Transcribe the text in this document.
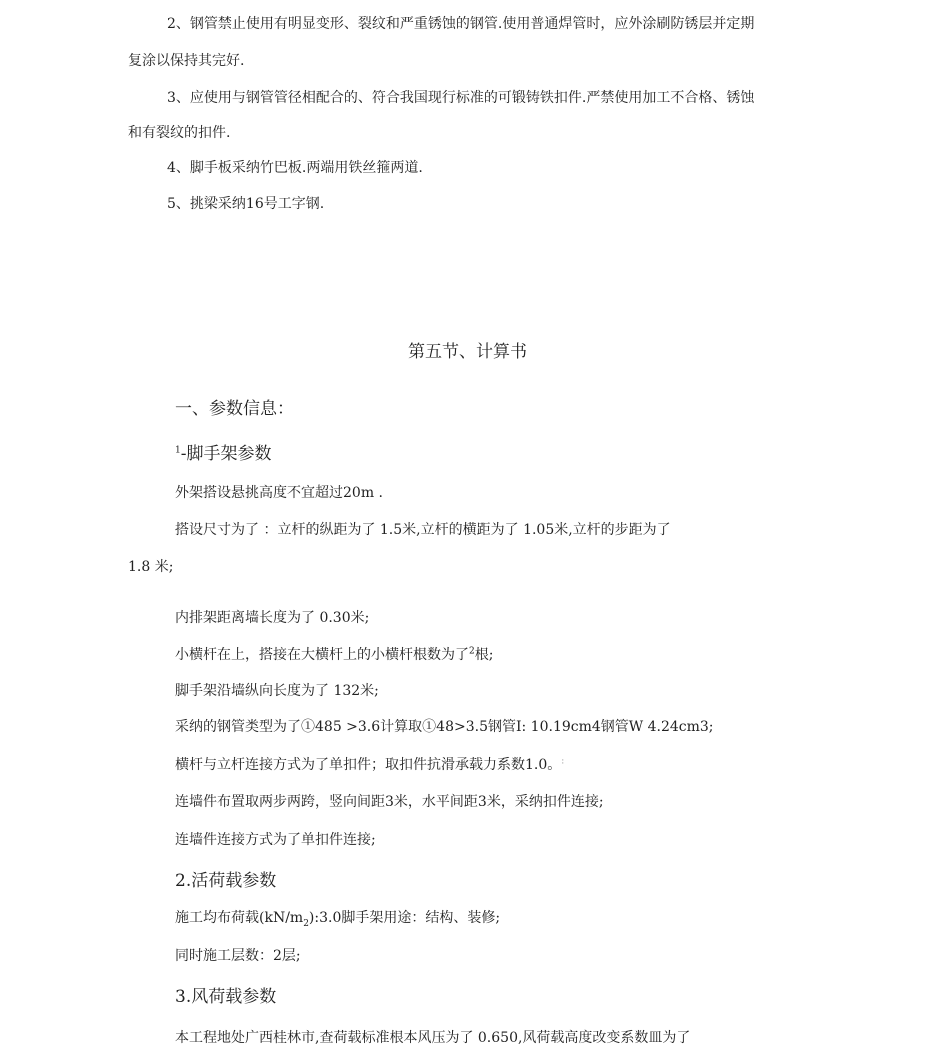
2、钢管禁止使用有明显变形、裂纹和严重锈蚀的钢管.使用普通焊管时，应外涂刷防锈层并定期

复涂以保持其完好.

3、应使用与钢管管径相配合的、符合我国现行标准的可锻铸铁扣件.严禁使用加工不合格、锈蚀

和有裂纹的扣件.

4、脚手板采纳竹巴板.两端用铁丝箍两道.

5、挑梁采纳16号工字钢.

第五节、计算书
一、参数信息：
$^1$-脚手架参数

外架搭设悬挑高度不宜超过20m .

搭设尺寸为了 ：立杆的纵距为了 1.5米,立杆的横距为了 1.05米,立杆的步距为了

1.8 米;

内排架距离墙长度为了 0.30米;

小横杆在上，搭接在大横杆上的小横杆根数为了$^2$根;

脚手架沿墙纵向长度为了 132米;

采纳的钢管类型为了①485 >3.6计算取①48>3.5钢管I: 10.19cm4钢管W 4.24cm3;

横杆与立杆连接方式为了单扣件；取扣件抗滑承载力系数1.0。:

连墙件布置取两步两跨，竖向间距3米，水平间距3米，采纳扣件连接;

连墙件连接方式为了单扣件连接;

2.活荷载参数

施工均布荷载$(kN/m_2):3.0$脚手架用途：结构、装修;

同时施工层数：2层;

3.风荷载参数

本工程地处广西桂林市,查荷载标准根本风压为了 0.650,风荷载高度改变系数皿为了
